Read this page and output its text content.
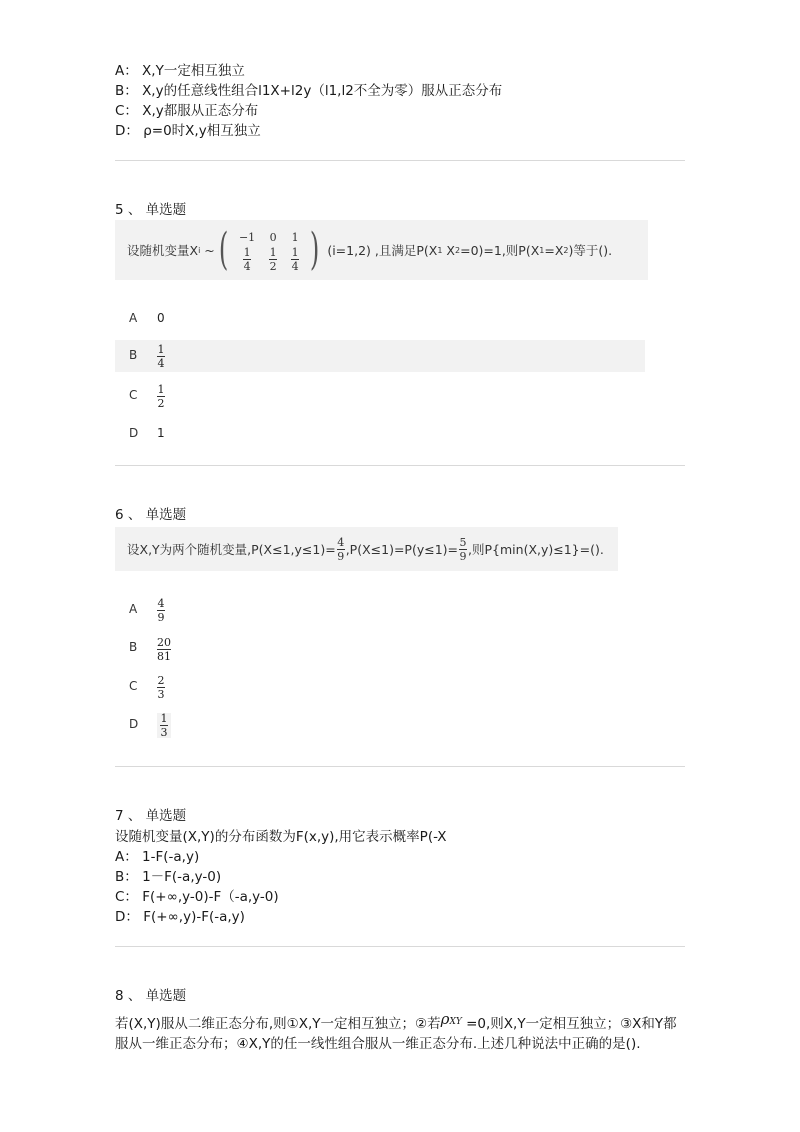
A： X,Y一定相互独立
B： X,y的任意线性组合l1X+l2y（l1,l2不全为零）服从正态分布
C： X,y都服从正态分布
D： ρ=0时X,y相互独立
5 、 单选题
设随机变量X i
~ ( −1
$\frac{1}{4}$
0
$\frac{1}{2}$
1
$\frac{1}{4}$ )
(i=1,2) ,且满足P(X 1
X 2 =0)=1,则P(X 1 =X 2 )等于().
A 0
B $\frac{1}{4}$
C $\frac{1}{2}$
D 1
6 、 单选题
设X,Y为两个随机变量$,P(X\le 1,y\le 1)= \frac{4}{9} ,P(X\le 1)=P(y\le 1)= \frac{5}{9}$ ,则P{min(X,y)≤1}=().
A $\frac{4}{9}$
B $\frac{20}{81}$
C $\frac{2}{3}$
D $\frac{1}{3}$
7 、 单选题
设随机变量(X,Y)的分布函数为F(x,y),用它表示概率P(-X
A： 1-F(-a,y)
B： 1－F(-a,y-0)
C： F(+∞,y-0)-F（-a,y-0)
D： F(+∞,y)-F(-a,y)
8 、 单选题
若(X,Y)服从二维正态分布,则①X,Y一定相互独立；②若$\rho^{XY} =0$,则X,Y一定相互独立；③X和Y都服从一维正态分布；④X,Y的任一线性组合服从一维正态分布.上述几种说法中正确的是().
